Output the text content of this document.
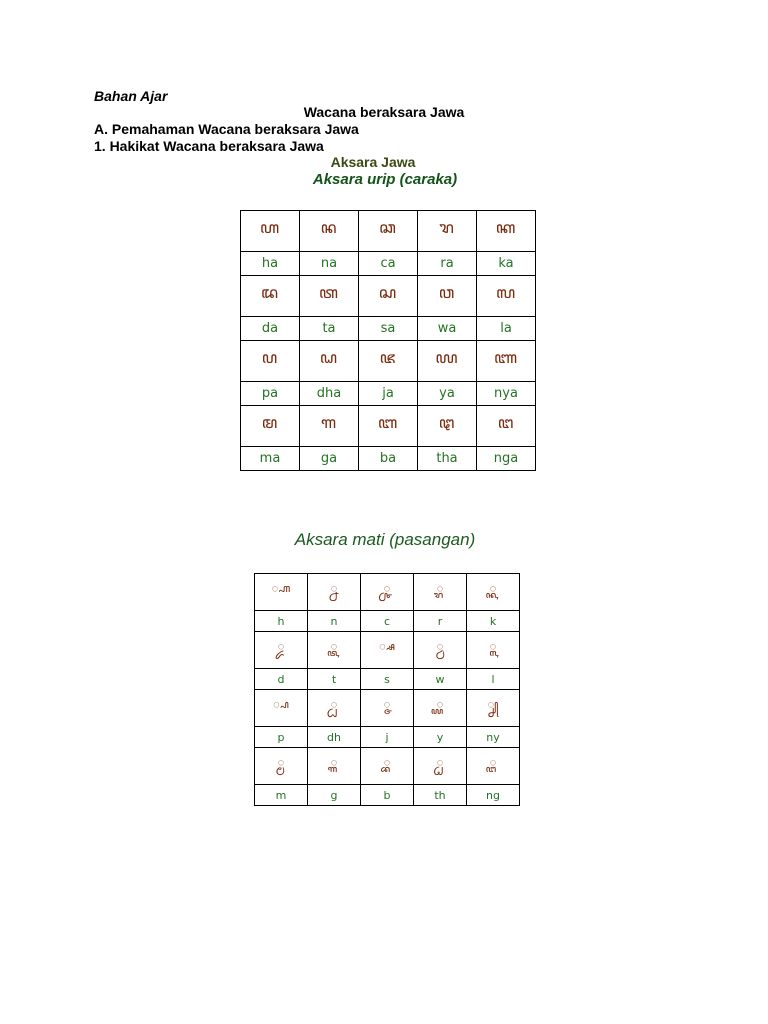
Bahan Ajar
Wacana beraksara Jawa
A. Pemahaman Wacana beraksara Jawa
1. Hakikat Wacana beraksara Jawa
Aksara Jawa
Aksara urip (caraka)
ꦲ	ꦤ	ꦕ	ꦫ	ꦏ
ha	na	ca	ra	ka
ꦢ	ꦠ	ꦱ	ꦮ	ꦭ
da	ta	sa	wa	la
ꦥ	ꦝ	ꦗ	ꦪ	ꦚ
pa	dha	ja	ya	nya
ꦩ	ꦒ	ꦧ	ꦛ	ꦔ
ma	ga	ba	tha	nga
Aksara mati (pasangan)
꧀ꦲ	꧀ꦤ	꧀ꦕ	꧀ꦫ	꧀ꦏ
h	n	c	r	k
꧀ꦢ	꧀ꦠ	꧀ꦱ	꧀ꦮ	꧀ꦭ
d	t	s	w	l
꧀ꦥ	꧀ꦝ	꧀ꦗ	꧀ꦪ	꧀ꦚ
p	dh	j	y	ny
꧀ꦩ	꧀ꦒ	꧀ꦧ	꧀ꦛ	꧀ꦔ
m	g	b	th	ng
